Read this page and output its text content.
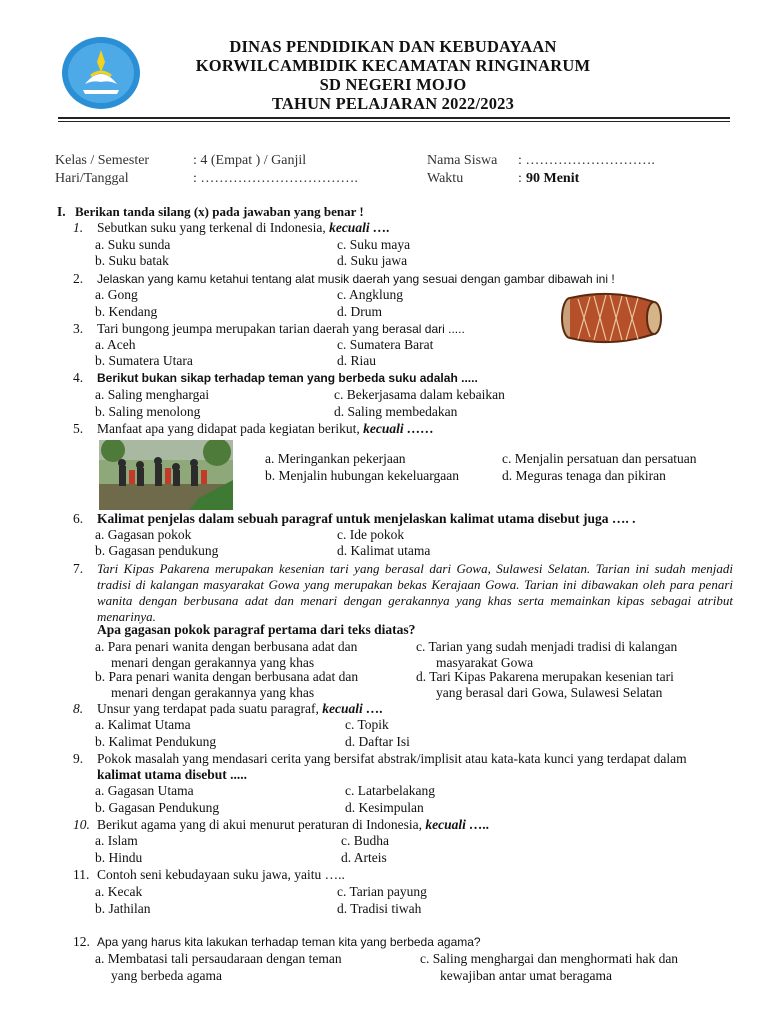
DINAS PENDIDIKAN DAN KEBUDAYAAN
KORWILCAMBIDIK KECAMATAN RINGINARUM
SD NEGERI MOJO
TAHUN PELAJARAN 2022/2023
Kelas / Semester	: 4 (Empat ) / Ganjil
Hari/Tanggal	: …………………………….
Nama Siswa : ……………………….
Waktu	: 90 Menit
I. Berikan tanda silang (x) pada jawaban yang benar !
1. Sebutkan suku yang terkenal di Indonesia, kecuali ….
a. Suku sunda
b. Suku batak
c. Suku maya
d. Suku jawa
2. Jelaskan yang kamu ketahui tentang alat musik daerah yang sesuai dengan gambar dibawah ini !
a. Gong
b. Kendang
c. Angklung
d. Drum
3. Tari bungong jeumpa merupakan tarian daerah yang berasal dari .....
a. Aceh
b. Sumatera Utara
c. Sumatera Barat
d. Riau
4. Berikut bukan sikap terhadap teman yang berbeda suku adalah .....
a. Saling menghargai
b. Saling menolong
c. Bekerjasama dalam kebaikan
d. Saling membedakan
5. Manfaat apa yang didapat pada kegiatan berikut, kecuali ……
a. Meringankan pekerjaan
b. Menjalin hubungan kekeluargaan
c. Menjalin persatuan dan persatuan
d. Meguras tenaga dan pikiran
6. Kalimat penjelas dalam sebuah paragraf untuk menjelaskan kalimat utama disebut juga …. .
a. Gagasan pokok
b. Gagasan pendukung
c. Ide pokok
d. Kalimat utama
7. Tari Kipas Pakarena merupakan kesenian tari yang berasal dari Gowa, Sulawesi Selatan. Tarian ini sudah menjadi tradisi di kalangan masyarakat Gowa yang merupakan bekas Kerajaan Gowa. Tarian ini dibawakan oleh para penari wanita dengan berbusana adat dan menari dengan gerakannya yang khas serta memainkan kipas sebagai atribut menarinya.
Apa gagasan pokok paragraf pertama dari teks diatas?
a. Para penari wanita dengan berbusana adat dan
menari dengan gerakannya yang khas
b. Para penari wanita dengan berbusana adat dan
menari dengan gerakannya yang khas
c. Tarian yang sudah menjadi tradisi di kalangan
masyarakat Gowa
d. Tari Kipas Pakarena merupakan kesenian tari
yang berasal dari Gowa, Sulawesi Selatan
8. Unsur yang terdapat pada suatu paragraf, kecuali ….
a. Kalimat Utama
b. Kalimat Pendukung
c. Topik
d. Daftar Isi
9. Pokok masalah yang mendasari cerita yang bersifat abstrak/implisit atau kata-kata kunci yang terdapat dalam
kalimat utama disebut .....
a. Gagasan Utama
b. Gagasan Pendukung
c. Latarbelakang
d. Kesimpulan
10. Berikut agama yang di akui menurut peraturan di Indonesia, kecuali …..
a. Islam
b. Hindu
c. Budha
d. Arteis
11. Contoh seni kebudayaan suku jawa, yaitu …..
a. Kecak
b. Jathilan
c. Tarian payung
d. Tradisi tiwah
12. Apa yang harus kita lakukan terhadap teman kita yang berbeda agama?
a. Membatasi tali persaudaraan dengan teman
yang berbeda agama
c. Saling menghargai dan menghormati hak dan
kewajiban antar umat beragama
